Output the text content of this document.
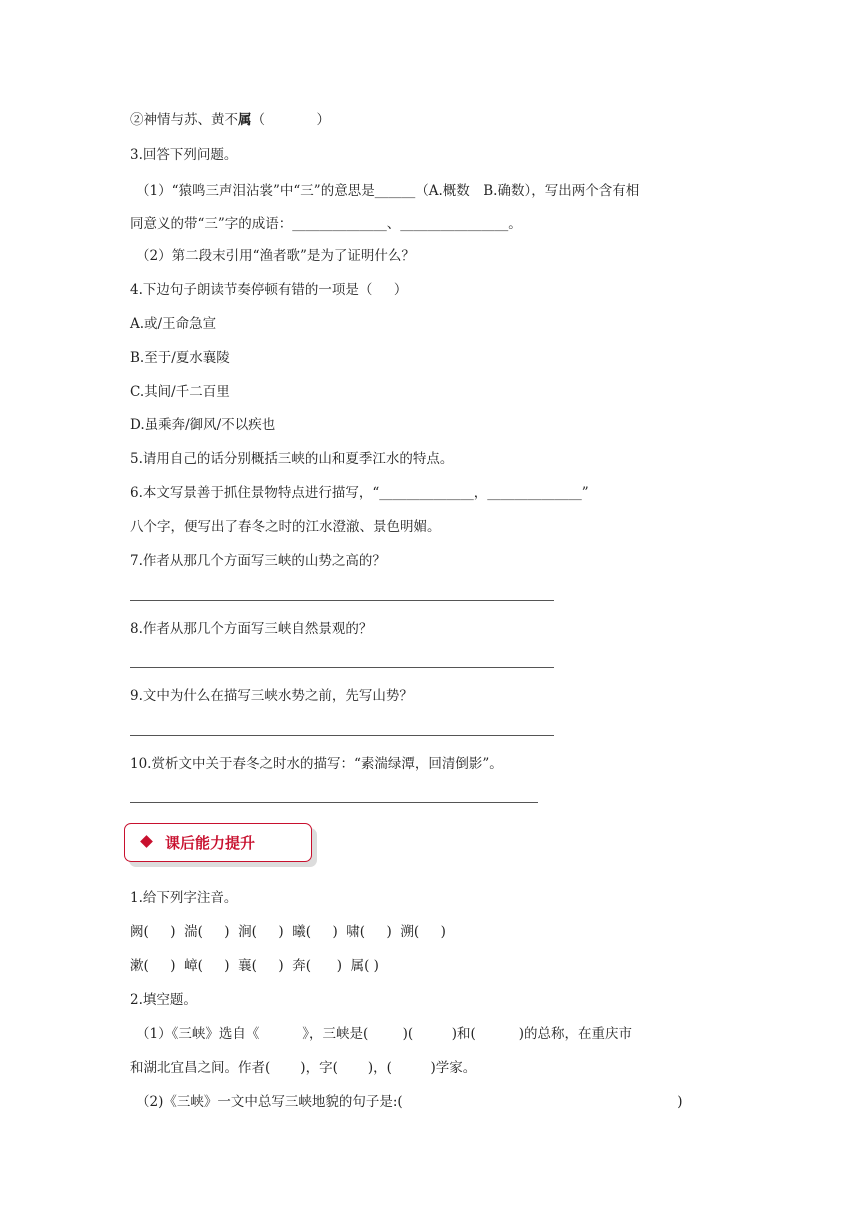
②神情与苏、黄不属（            ）
3.回答下列问题。
（1）“猿鸣三声泪沾裳”中“三”的意思是______（A.概数　B.确数），写出两个含有相
同意义的带“三”字的成语：______________、________________。
（2）第二段末引用“渔者歌”是为了证明什么？
4.下边句子朗读节奏停顿有错的一项是（     ）
A.或/王命急宣
B.至于/夏水襄陵
C.其间/千二百里
D.虽乘奔/御风/不以疾也
5.请用自己的话分别概括三峡的山和夏季江水的特点。
6.本文写景善于抓住景物特点进行描写，“______________，______________”
八个字，便写出了春冬之时的江水澄澈、景色明媚。
7.作者从那几个方面写三峡的山势之高的？
8.作者从那几个方面写三峡自然景观的？
9.文中为什么在描写三峡水势之前，先写山势？
10.赏析文中关于春冬之时水的描写：“素湍绿潭，回清倒影”。
课后能力提升
1.给下列字注音。
阙(     )  湍(     )  涧(     )  曦(     )  啸(     )  溯(     )
漱(     )  嶂(     )  襄(     )  奔(      )  属( )
2.填空题。
（1）《三峡》选自《          》，三峡是(        )(         )和(          )的总称，在重庆市
和湖北宜昌之间。作者(       )，字(       )，(         )学家。
（2)《三峡》一文中总写三峡地貌的句子是:(                                                                )
